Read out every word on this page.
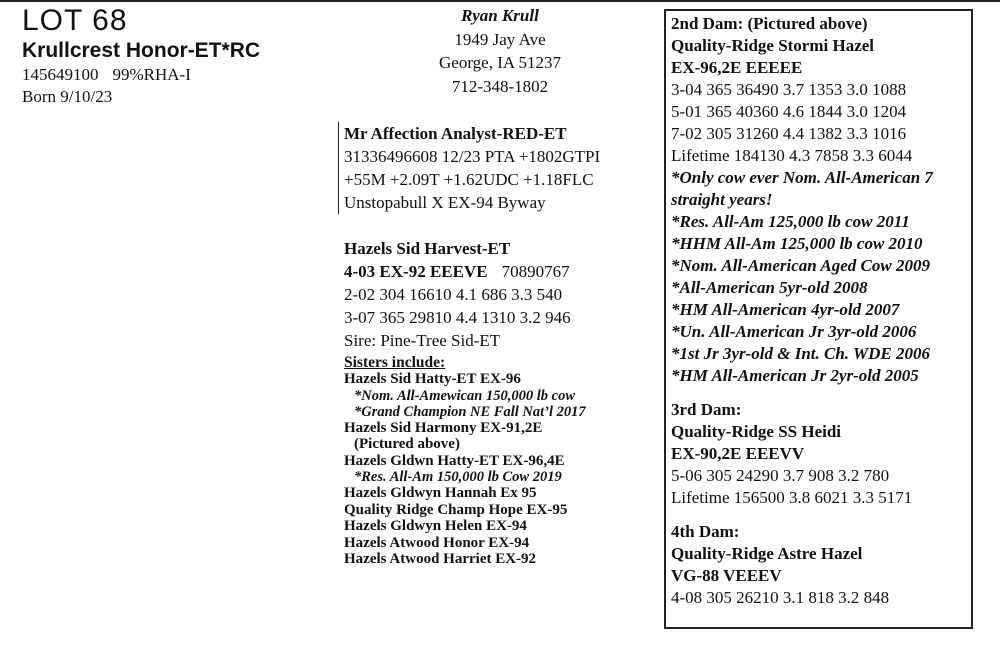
LOT 68
Krullcrest Honor-ET*RC
145649100 99%RHA-I
Born 9/10/23
Ryan Krull
1949 Jay Ave
George, IA 51237
712-348-1802
Mr Affection Analyst-RED-ET
31336496608 12/23 PTA +1802GTPI
+55M +2.09T +1.62UDC +1.18FLC
Unstopabull X EX-94 Byway
Hazels Sid Harvest-ET
4-03 EX-92 EEEVE 70890767
2-02 304 16610 4.1 686 3.3 540
3-07 365 29810 4.4 1310 3.2 946
Sire: Pine-Tree Sid-ET
Sisters include:
Hazels Sid Hatty-ET EX-96
*Nom. All-Amewican 150,000 lb cow
*Grand Champion NE Fall Nat’l 2017
Hazels Sid Harmony EX-91,2E
(Pictured above)
Hazels Gldwn Hatty-ET EX-96,4E
*Res. All-Am 150,000 lb Cow 2019
Hazels Gldwyn Hannah Ex 95
Quality Ridge Champ Hope EX-95
Hazels Gldwyn Helen EX-94
Hazels Atwood Honor EX-94
Hazels Atwood Harriet EX-92
2nd Dam: (Pictured above)
Quality-Ridge Stormi Hazel
EX-96,2E EEEEE
3-04 365 36490 3.7 1353 3.0 1088
5-01 365 40360 4.6 1844 3.0 1204
7-02 305 31260 4.4 1382 3.3 1016
Lifetime 184130 4.3 7858 3.3 6044
*Only cow ever Nom. All-American 7
straight years!
*Res. All-Am 125,000 lb cow 2011
*HHM All-Am 125,000 lb cow 2010
*Nom. All-American Aged Cow 2009
*All-American 5yr-old 2008
*HM All-American 4yr-old 2007
*Un. All-American Jr 3yr-old 2006
*1st Jr 3yr-old & Int. Ch. WDE 2006
*HM All-American Jr 2yr-old 2005
3rd Dam:
Quality-Ridge SS Heidi
EX-90,2E EEEVV
5-06 305 24290 3.7 908 3.2 780
Lifetime 156500 3.8 6021 3.3 5171
4th Dam:
Quality-Ridge Astre Hazel
VG-88 VEEEV
4-08 305 26210 3.1 818 3.2 848
